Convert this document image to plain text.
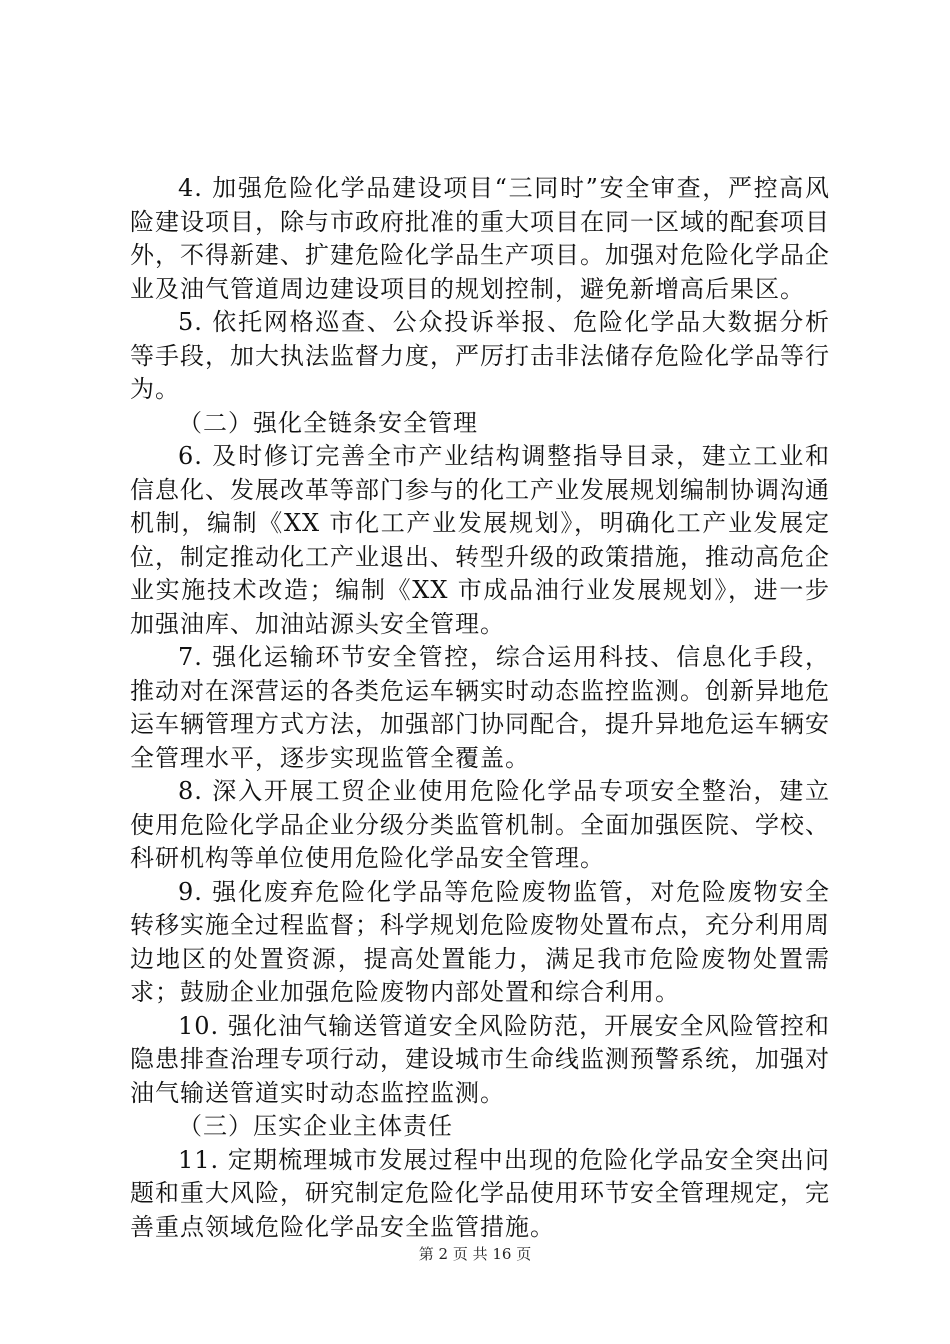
4. 加强危险化学品建设项目“三同时”安全审查，严控高风险建设项目，除与市政府批准的重大项目在同一区域的配套项目外，不得新建、扩建危险化学品生产项目。加强对危险化学品企业及油气管道周边建设项目的规划控制，避免新增高后果区。

5. 依托网格巡查、公众投诉举报、危险化学品大数据分析等手段，加大执法监督力度，严厉打击非法储存危险化学品等行为。

（二）强化全链条安全管理

6. 及时修订完善全市产业结构调整指导目录，建立工业和信息化、发展改革等部门参与的化工产业发展规划编制协调沟通机制，编制《XX 市化工产业发展规划》，明确化工产业发展定位，制定推动化工产业退出、转型升级的政策措施，推动高危企业实施技术改造；编制《XX 市成品油行业发展规划》，进一步加强油库、加油站源头安全管理。

7. 强化运输环节安全管控，综合运用科技、信息化手段，推动对在深营运的各类危运车辆实时动态监控监测。创新异地危运车辆管理方式方法，加强部门协同配合，提升异地危运车辆安全管理水平，逐步实现监管全覆盖。

8. 深入开展工贸企业使用危险化学品专项安全整治，建立使用危险化学品企业分级分类监管机制。全面加强医院、学校、科研机构等单位使用危险化学品安全管理。

9. 强化废弃危险化学品等危险废物监管，对危险废物安全转移实施全过程监督；科学规划危险废物处置布点，充分利用周边地区的处置资源，提高处置能力，满足我市危险废物处置需求；鼓励企业加强危险废物内部处置和综合利用。

10. 强化油气输送管道安全风险防范，开展安全风险管控和隐患排查治理专项行动，建设城市生命线监测预警系统，加强对油气输送管道实时动态监控监测。

（三）压实企业主体责任

11. 定期梳理城市发展过程中出现的危险化学品安全突出问题和重大风险，研究制定危险化学品使用环节安全管理规定，完善重点领域危险化学品安全监管措施。

第 2 页 共 16 页
